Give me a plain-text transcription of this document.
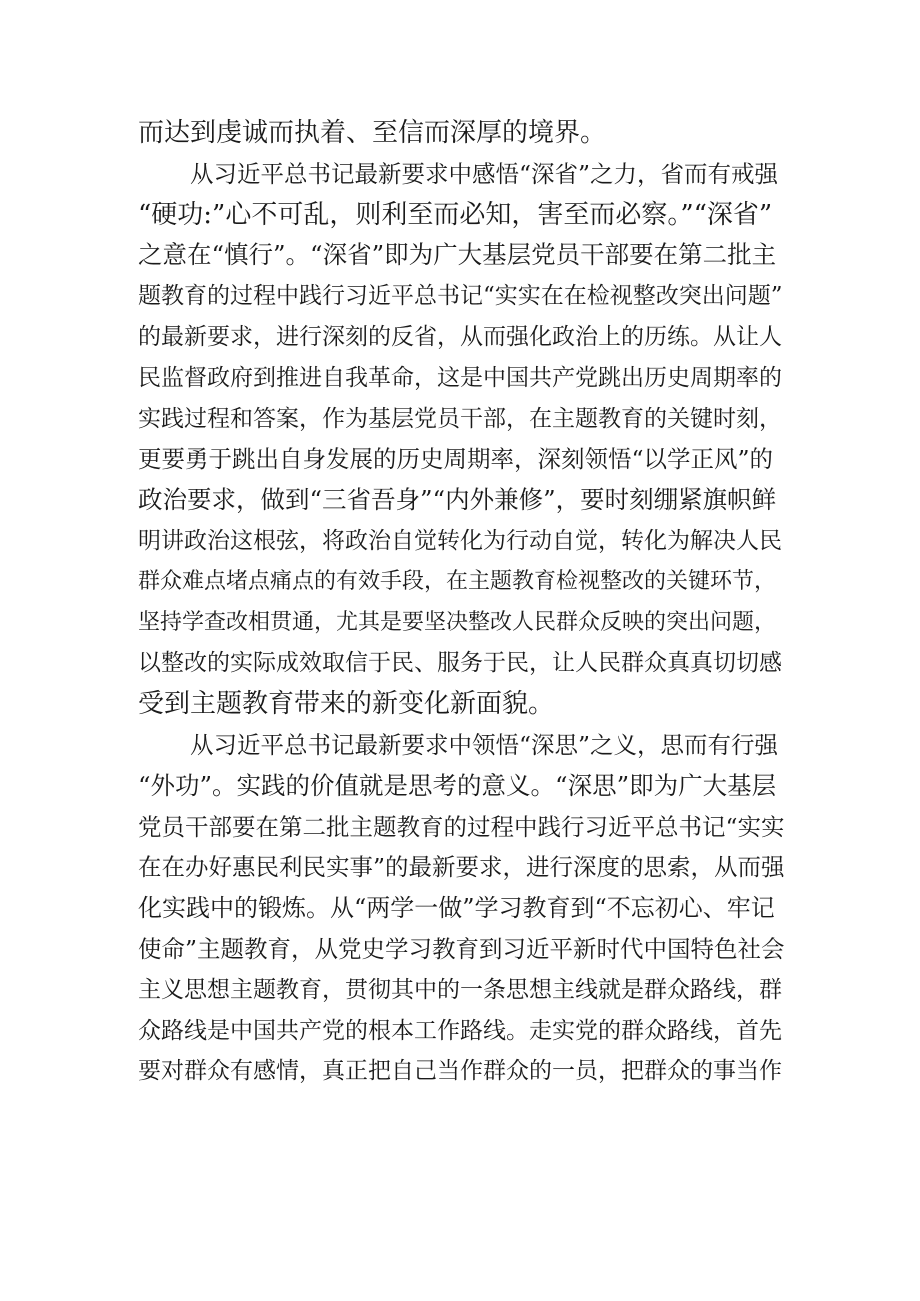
而达到虔诚而执着、至信而深厚的境界。
从习近平总书记最新要求中感悟“深省”之力，省而有戒强
“硬功:”心不可乱，则利至而必知，害至而必察。”“深省”
之意在“慎行”。“深省”即为广大基层党员干部要在第二批主
题教育的过程中践行习近平总书记“实实在在检视整改突出问题”
的最新要求，进行深刻的反省，从而强化政治上的历练。从让人
民监督政府到推进自我革命，这是中国共产党跳出历史周期率的
实践过程和答案，作为基层党员干部，在主题教育的关键时刻，
更要勇于跳出自身发展的历史周期率，深刻领悟“以学正风”的
政治要求，做到“三省吾身”“内外兼修”，要时刻绷紧旗帜鲜
明讲政治这根弦，将政治自觉转化为行动自觉，转化为解决人民
群众难点堵点痛点的有效手段，在主题教育检视整改的关键环节，
坚持学查改相贯通，尤其是要坚决整改人民群众反映的突出问题，
以整改的实际成效取信于民、服务于民，让人民群众真真切切感
受到主题教育带来的新变化新面貌。
从习近平总书记最新要求中领悟“深思”之义，思而有行强
“外功”。实践的价值就是思考的意义。“深思”即为广大基层
党员干部要在第二批主题教育的过程中践行习近平总书记“实实
在在办好惠民利民实事”的最新要求，进行深度的思索，从而强
化实践中的锻炼。从“两学一做”学习教育到“不忘初心、牢记
使命”主题教育，从党史学习教育到习近平新时代中国特色社会
主义思想主题教育，贯彻其中的一条思想主线就是群众路线，群
众路线是中国共产党的根本工作路线。走实党的群众路线，首先
要对群众有感情，真正把自己当作群众的一员，把群众的事当作
